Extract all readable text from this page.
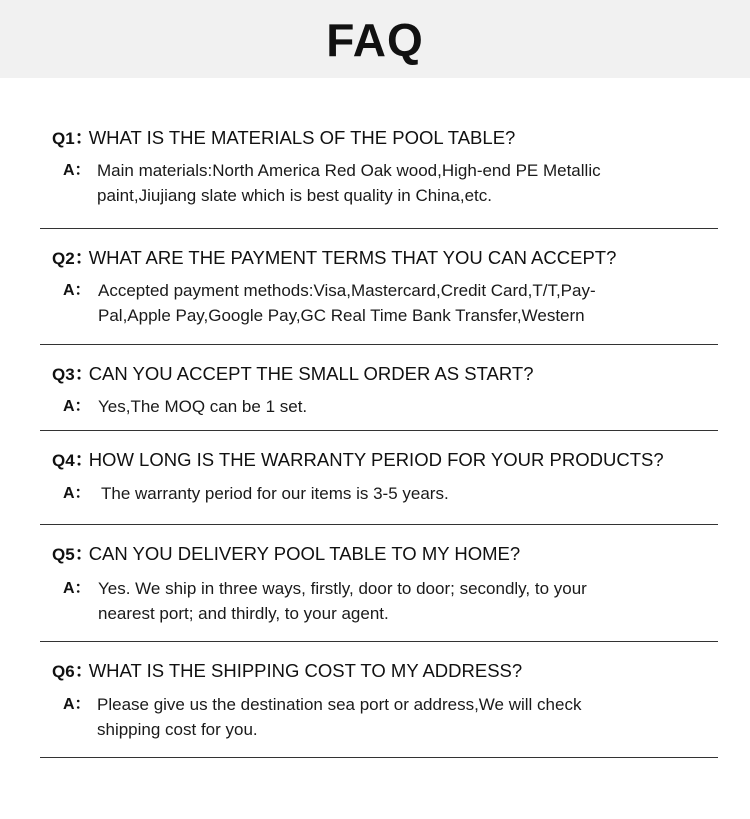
FAQ
Q1：WHAT IS THE MATERIALS OF THE POOL TABLE?
A： Main materials:North America Red Oak wood,High-end PE Metallic
paint,Jiujiang slate which is best quality in China,etc.
Q2：WHAT ARE THE PAYMENT TERMS THAT YOU CAN ACCEPT?
A： Accepted payment methods:Visa,Mastercard,Credit Card,T/T,Pay-
Pal,Apple Pay,Google Pay,GC Real Time Bank Transfer,Western
Q3：CAN YOU ACCEPT THE SMALL ORDER AS START?
A： Yes,The MOQ can be 1 set.
Q4：HOW LONG IS THE WARRANTY PERIOD FOR YOUR PRODUCTS?
A： The warranty period for our items is 3-5 years.
Q5：CAN YOU DELIVERY POOL TABLE TO MY HOME?
A： Yes. We ship in three ways, firstly, door to door; secondly, to your
nearest port; and thirdly, to your agent.
Q6：WHAT IS THE SHIPPING COST TO MY ADDRESS?
A： Please give us the destination sea port or address,We will check
shipping cost for you.
